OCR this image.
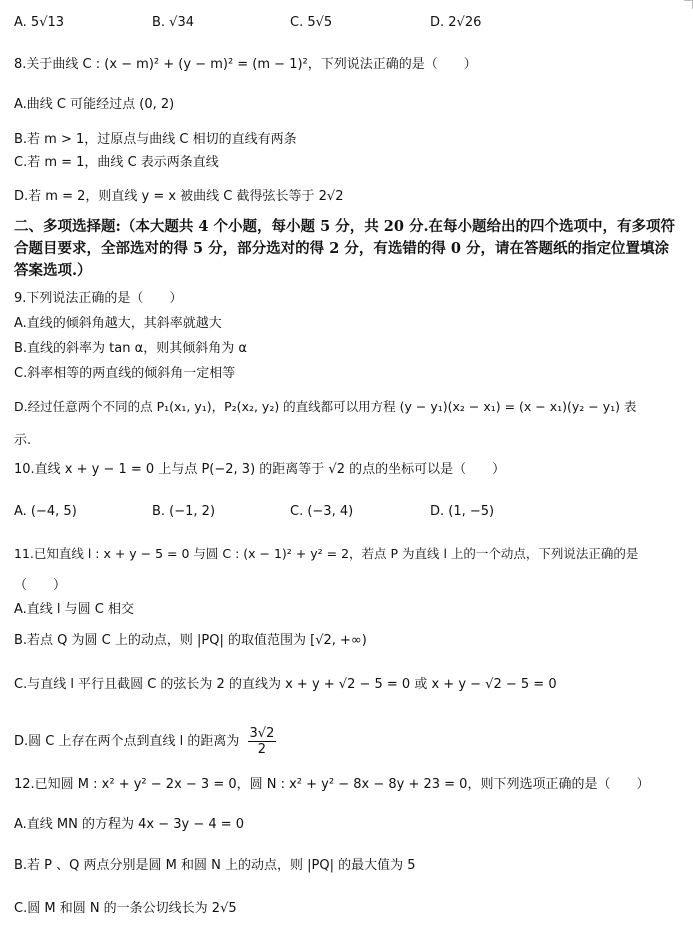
A. 5√13	B. √34	C. 5√5	D. 2√26
8.关于曲线 C : (x − m)² + (y − m)² = (m − 1)²，下列说法正确的是（　　）
A.曲线 C 可能经过点 (0, 2)
B.若 m > 1，过原点与曲线 C 相切的直线有两条
C.若 m = 1，曲线 C 表示两条直线
D.若 m = 2，则直线 y = x 被曲线 C 截得弦长等于 2√2
二、多项选择题:（本大题共 4 个小题，每小题 5 分，共 20 分.在每小题给出的四个选项中，有多项符合题目要求，全部选对的得 5 分，部分选对的得 2 分，有选错的得 0 分，请在答题纸的指定位置填涂答案选项.）
9.下列说法正确的是（　　）
A.直线的倾斜角越大，其斜率就越大
B.直线的斜率为 tan α，则其倾斜角为 α
C.斜率相等的两直线的倾斜角一定相等
D.经过任意两个不同的点 P₁(x₁, y₁)，P₂(x₂, y₂) 的直线都可以用方程 (y − y₁)(x₂ − x₁) = (x − x₁)(y₂ − y₁) 表
示.
10.直线 x + y − 1 = 0 上与点 P(−2, 3) 的距离等于 √2 的点的坐标可以是（　　）
A. (−4, 5)	B. (−1, 2)	C. (−3, 4)	D. (1, −5)
11.已知直线 l : x + y − 5 = 0 与圆 C : (x − 1)² + y² = 2，若点 P 为直线 l 上的一个动点，下列说法正确的是
（　　）
A.直线 l 与圆 C 相交
B.若点 Q 为圆 C 上的动点，则 |PQ| 的取值范围为 [√2, +∞)
C.与直线 l 平行且截圆 C 的弦长为 2 的直线为 x + y + √2 − 5 = 0 或 x + y − √2 − 5 = 0
D.圆 C 上存在两个点到直线 l 的距离为 $\frac{3√2}{2}$
12.已知圆 M : x² + y² − 2x − 3 = 0，圆 N : x² + y² − 8x − 8y + 23 = 0，则下列选项正确的是（　　）
A.直线 MN 的方程为 4x − 3y − 4 = 0
B.若 P 、Q 两点分别是圆 M 和圆 N 上的动点，则 |PQ| 的最大值为 5
C.圆 M 和圆 N 的一条公切线长为 2√5
